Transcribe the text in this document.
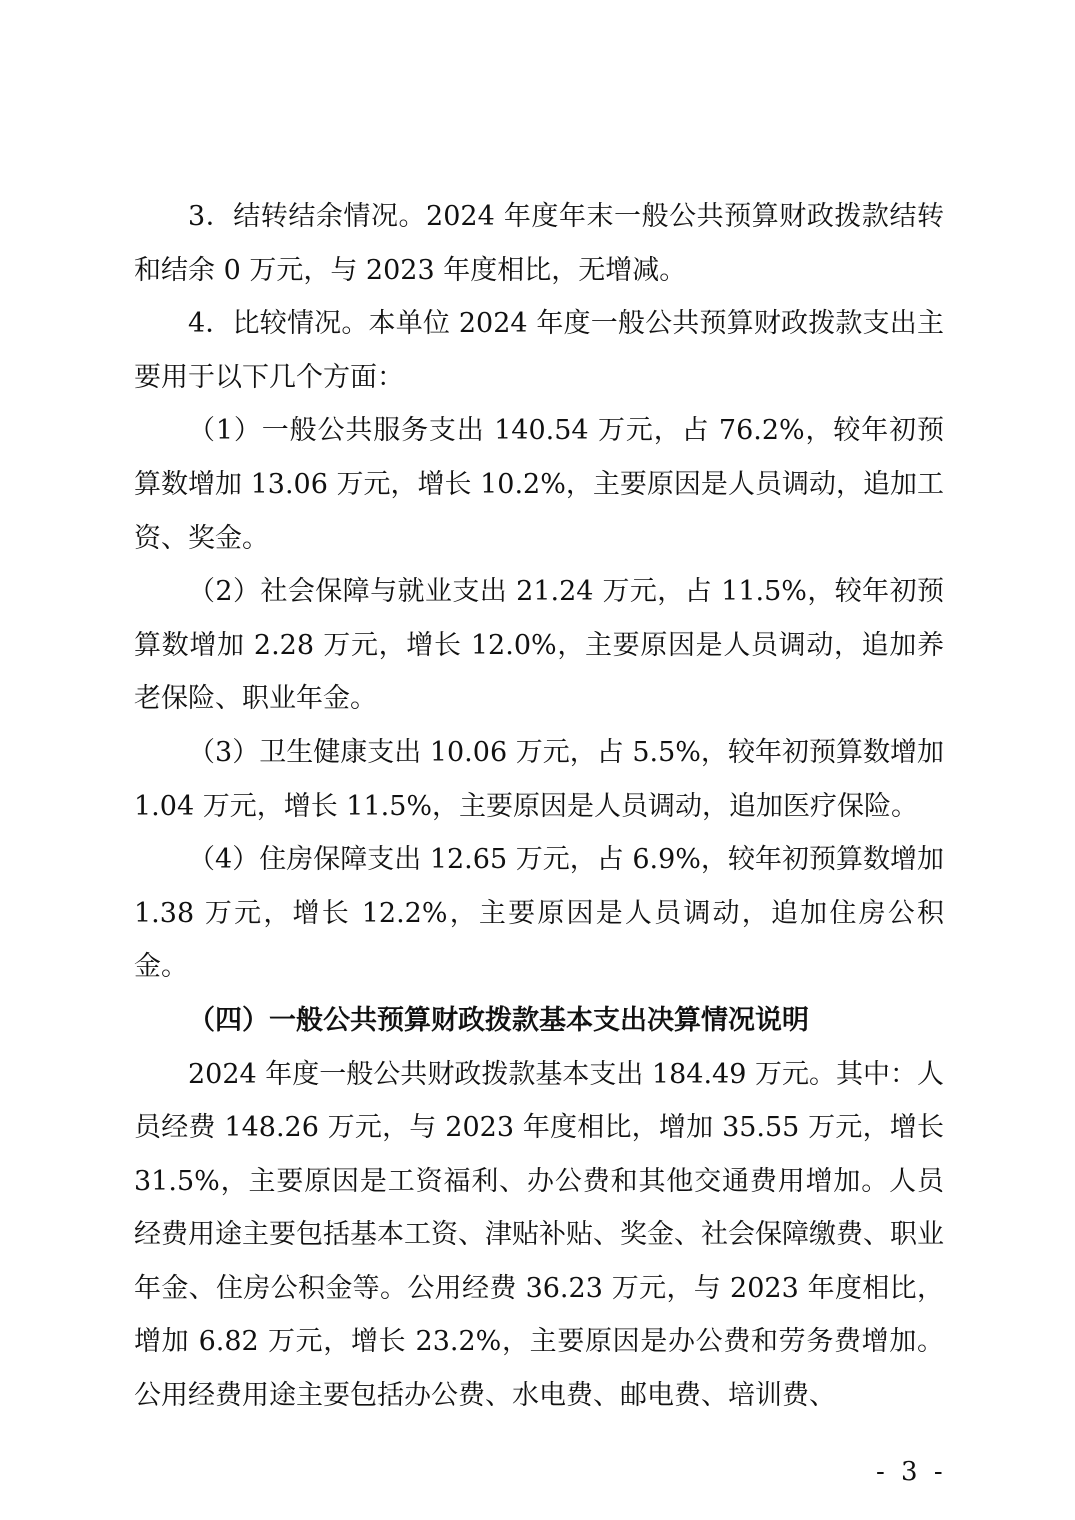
3．结转结余情况。2024 年度年末一般公共预算财政拨款结转和结余 0 万元，与 2023 年度相比，无增减。

4．比较情况。本单位 2024 年度一般公共预算财政拨款支出主要用于以下几个方面：

（1）一般公共服务支出 140.54 万元，占 76.2%，较年初预算数增加 13.06 万元，增长 10.2%，主要原因是人员调动，追加工资、奖金。

（2）社会保障与就业支出 21.24 万元，占 11.5%，较年初预算数增加 2.28 万元，增长 12.0%，主要原因是人员调动，追加养老保险、职业年金。

（3）卫生健康支出 10.06 万元，占 5.5%，较年初预算数增加 1.04 万元，增长 11.5%，主要原因是人员调动，追加医疗保险。

（4）住房保障支出 12.65 万元，占 6.9%，较年初预算数增加 1.38 万元，增长 12.2%，主要原因是人员调动，追加住房公积金。

（四）一般公共预算财政拨款基本支出决算情况说明

2024 年度一般公共财政拨款基本支出 184.49 万元。其中：人员经费 148.26 万元，与 2023 年度相比，增加 35.55 万元，增长 31.5%，主要原因是工资福利、办公费和其他交通费用增加。人员经费用途主要包括基本工资、津贴补贴、奖金、社会保障缴费、职业年金、住房公积金等。公用经费 36.23 万元，与 2023 年度相比，增加 6.82 万元，增长 23.2%，主要原因是办公费和劳务费增加。公用经费用途主要包括办公费、水电费、邮电费、培训费、

- 3 -
